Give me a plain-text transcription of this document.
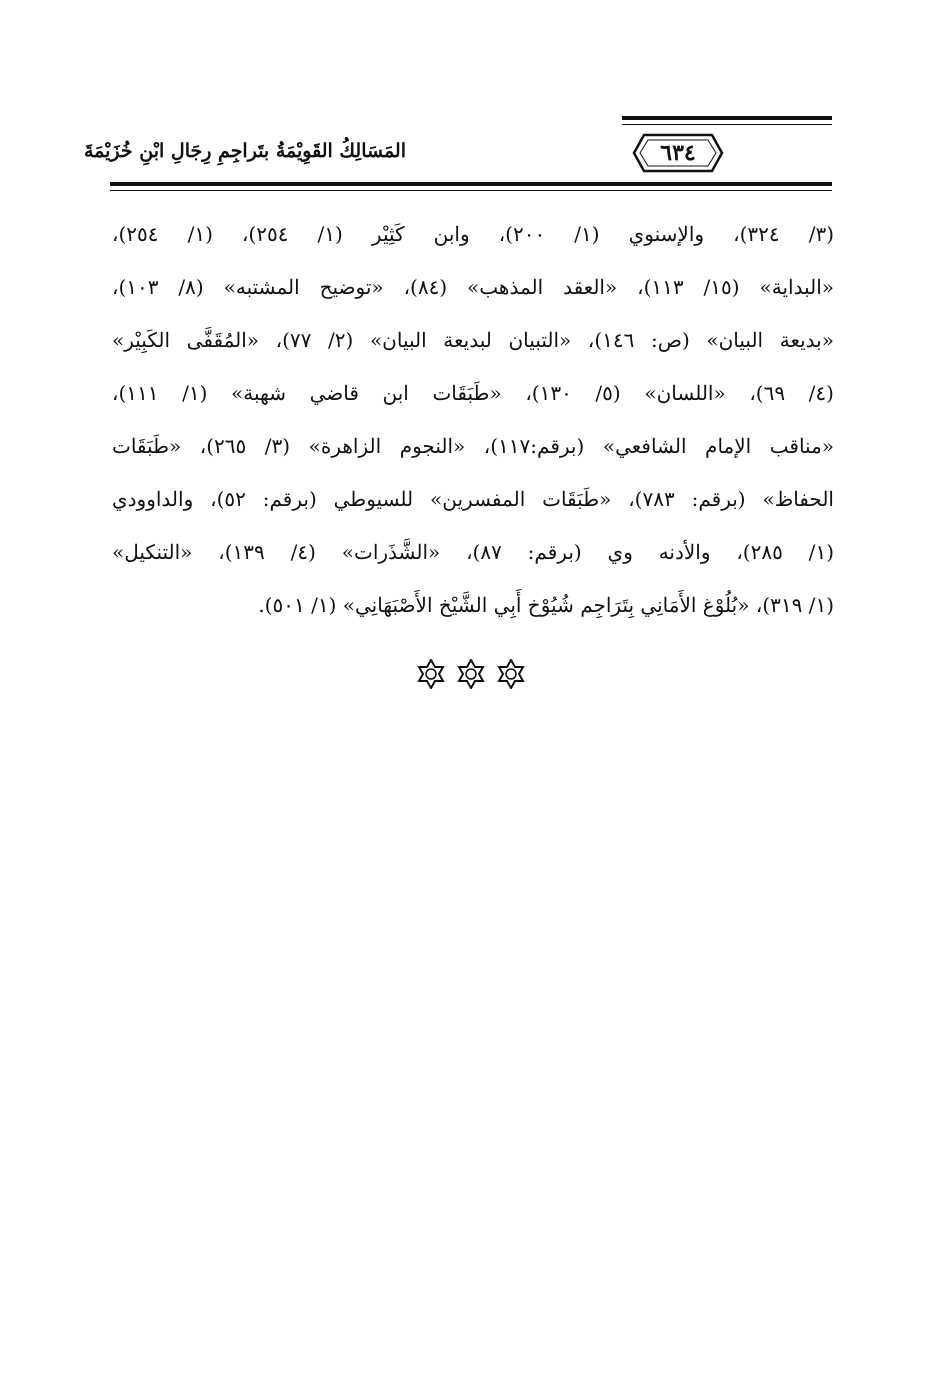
٦٣٤
المَسَالِكُ القَوِيْمَةُ بتَراجِمِ رِجَالِ ابْنِ خُزَيْمَةَ
(٣/ ٣٢٤)، والإسنوي (١/ ٢٠٠)، وابن كَثِيْر (١/ ٢٥٤)، (١/ ٢٥٤)،
«البداية» (١٥/ ١١٣)، «العقد المذهب» (٨٤)، «توضيح المشتبه» (٨/ ١٠٣)،
«بديعة البيان» (ص: ١٤٦)، «التبيان لبديعة البيان» (٢/ ٧٧)، «المُقَفَّى الكَبِيْر»
(٤/ ٦٩)، «اللسان» (٥/ ١٣٠)، «طَبَقَات ابن قاضي شهبة» (١/ ١١١)،
«مناقب الإمام الشافعي» (برقم:١١٧)، «النجوم الزاهرة» (٣/ ٢٦٥)، «طَبَقَات
الحفاظ» (برقم: ٧٨٣)، «طَبَقَات المفسرين» للسيوطي (برقم: ٥٢)، والداوودي
(١/ ٢٨٥)، والأدنه وي (برقم: ٨٧)، «الشَّذَرات» (٤/ ١٣٩)، «التنكيل»
(١/ ٣١٩)، «بُلُوْغ الأَمَانِي بِتَرَاجِم شُيُوْخ أَبِي الشَّيْخ الأَصْبَهَانِي» (١/ ٥٠١).
